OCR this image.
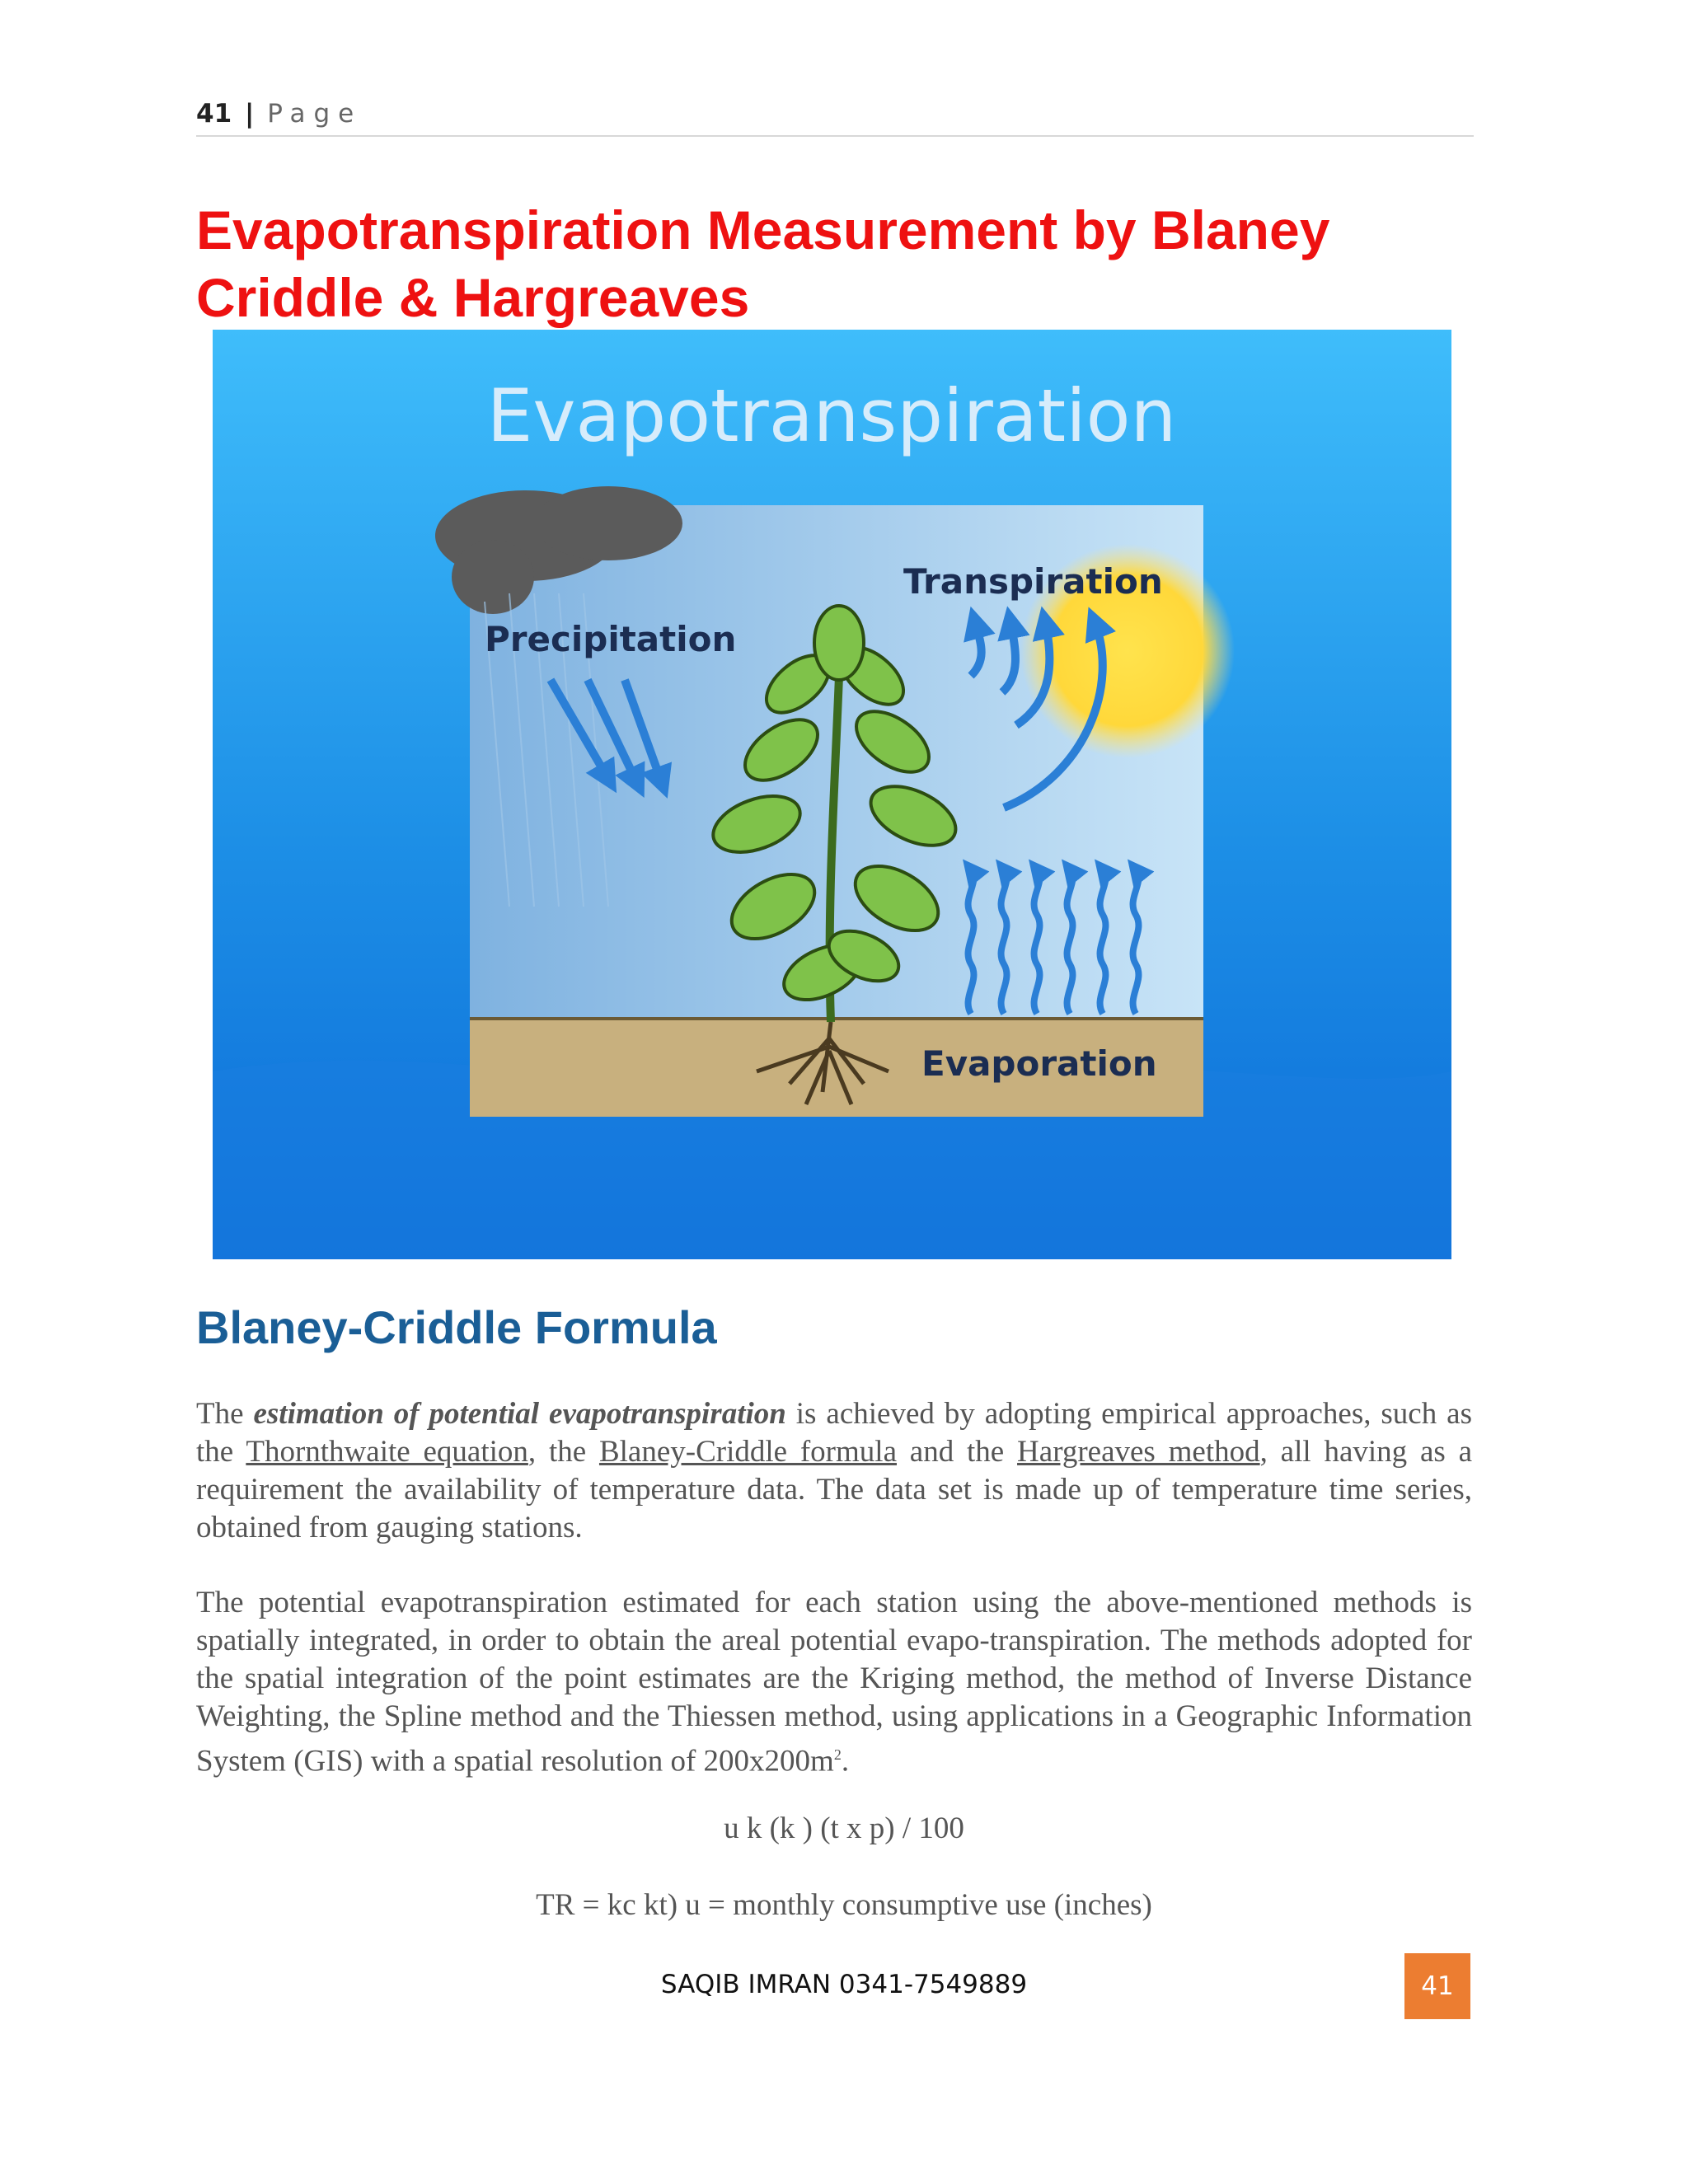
41 | Page
Evapotranspiration Measurement by Blaney Criddle & Hargreaves
Evapotranspiration
Precipitation
Transpiration
Evaporation
Blaney-Criddle Formula

The estimation of potential evapotranspiration is achieved by adopting empirical approaches, such as the Thornthwaite equation, the Blaney-Criddle formula and the Hargreaves method, all having as a requirement the availability of temperature data. The data set is made up of temperature time series, obtained from gauging stations.

The potential evapotranspiration estimated for each station using the above-mentioned methods is spatially integrated, in order to obtain the areal potential evapo-transpiration. The methods adopted for the spatial integration of the point estimates are the Kriging method, the method of Inverse Distance Weighting, the Spline method and the Thiessen method, using applications in a Geographic Information System (GIS) with a spatial resolution of $200x200m^2$.

u k (k ) (t x p) / 100
TR = kc kt) u = monthly consumptive use (inches)
SAQIB IMRAN 0341-7549889	41
